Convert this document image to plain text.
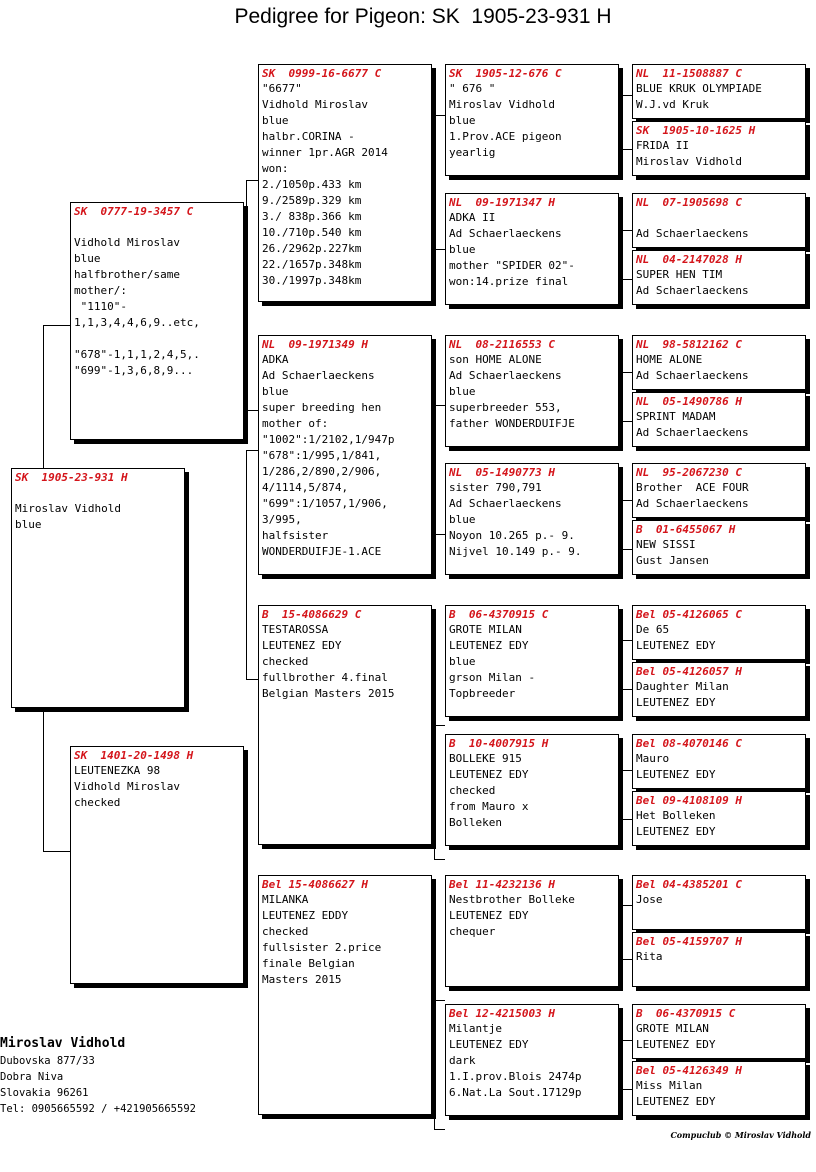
Pedigree for Pigeon: SK  1905-23-931 H
SK  1905-23-931 H

Miroslav Vidhold
blue
SK  0777-19-3457 C

Vidhold Miroslav
blue
halfbrother/same
mother/:
"1110"-
1,1,3,4,4,6,9..etc,

"678"-1,1,1,2,4,5,.
"699"-1,3,6,8,9...
SK  1401-20-1498 H
LEUTENEZKA 98
Vidhold Miroslav
checked
SK  0999-16-6677 C
"6677"
Vidhold Miroslav
blue
halbr.CORINA -
winner 1pr.AGR 2014
won:
2./1050p.433 km
9./2589p.329 km
3./ 838p.366 km
10./710p.540 km
26./2962p.227km
22./1657p.348km
30./1997p.348km
NL  09-1971349 H
ADKA
Ad Schaerlaeckens
blue
super breeding hen
mother of:
"1002":1/2102,1/947p
"678":1/995,1/841,
1/286,2/890,2/906,
4/1114,5/874,
"699":1/1057,1/906,
3/995,
halfsister
WONDERDUIFJE-1.ACE
B  15-4086629 C
TESTAROSSA
LEUTENEZ EDY
checked
fullbrother 4.final
Belgian Masters 2015
Bel 15-4086627 H
MILANKA
LEUTENEZ EDDY
checked
fullsister 2.price
finale Belgian
Masters 2015
SK  1905-12-676 C
" 676 "
Miroslav Vidhold
blue
1.Prov.ACE pigeon
yearlig
NL  09-1971347 H
ADKA II
Ad Schaerlaeckens
blue
mother "SPIDER 02"-
won:14.prize final
NL  08-2116553 C
son HOME ALONE
Ad Schaerlaeckens
blue
superbreeder 553,
father WONDERDUIFJE
NL  05-1490773 H
sister 790,791
Ad Schaerlaeckens
blue
Noyon 10.265 p.- 9.
Nijvel 10.149 p.- 9.
B  06-4370915 C
GROTE MILAN
LEUTENEZ EDY
blue
grson Milan -
Topbreeder
B  10-4007915 H
BOLLEKE 915
LEUTENEZ EDY
checked
from Mauro x
Bolleken
Bel 11-4232136 H
Nestbrother Bolleke
LEUTENEZ EDY
chequer
Bel 12-4215003 H
Milantje
LEUTENEZ EDY
dark
1.I.prov.Blois 2474p
6.Nat.La Sout.17129p
NL  11-1508887 C
BLUE KRUK OLYMPIADE
W.J.vd Kruk
SK  1905-10-1625 H
FRIDA II
Miroslav Vidhold
NL  07-1905698 C

Ad Schaerlaeckens
NL  04-2147028 H
SUPER HEN TIM
Ad Schaerlaeckens
NL  98-5812162 C
HOME ALONE
Ad Schaerlaeckens
NL  05-1490786 H
SPRINT MADAM
Ad Schaerlaeckens
NL  95-2067230 C
Brother  ACE FOUR
Ad Schaerlaeckens
B  01-6455067 H
NEW SISSI
Gust Jansen
Bel 05-4126065 C
De 65
LEUTENEZ EDY
Bel 05-4126057 H
Daughter Milan
LEUTENEZ EDY
Bel 08-4070146 C
Mauro
LEUTENEZ EDY
Bel 09-4108109 H
Het Bolleken
LEUTENEZ EDY
Bel 04-4385201 C
Jose
Bel 05-4159707 H
Rita
B  06-4370915 C
GROTE MILAN
LEUTENEZ EDY
Bel 05-4126349 H
Miss Milan
LEUTENEZ EDY
Miroslav Vidhold
Dubovska 877/33
Dobra Niva
Slovakia 96261
Tel: 0905665592 / +421905665592
Compuclub © Miroslav Vidhold
